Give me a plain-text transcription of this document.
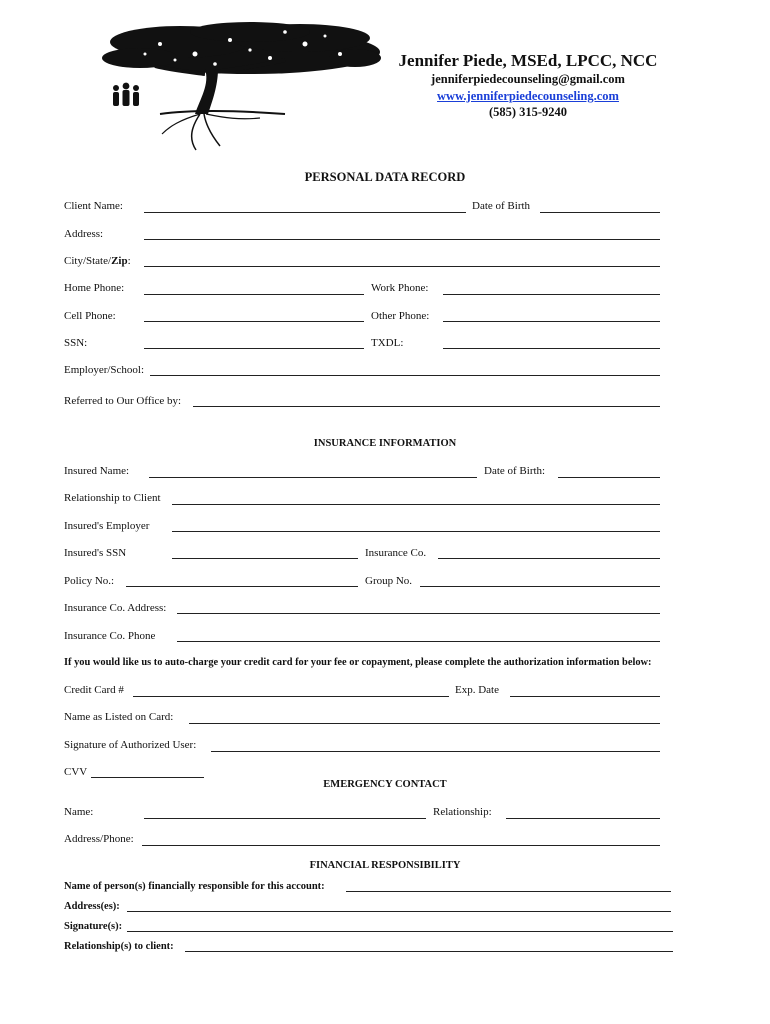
Jennifer Piede, MSEd, LPCC, NCC
jenniferpiedecounseling@gmail.com
www.jenniferpiedecounseling.com
(585) 315-9240
PERSONAL DATA RECORD
Client Name:	Date of Birth
Address:
City/State/Zip:
Home Phone:	Work Phone:
Cell Phone:	Other Phone:
SSN:	TXDL:
Employer/School:
Referred to Our Office by:
INSURANCE INFORMATION
Insured Name:	Date of Birth:
Relationship to Client
Insured's Employer
Insured's SSN	Insurance Co.
Policy No.:	Group No.
Insurance Co. Address:
Insurance Co. Phone
If you would like us to auto-charge your credit card for your fee or copayment, please complete the authorization information below:
Credit Card #	Exp. Date
Name as Listed on Card:
Signature of Authorized User:
CVV
EMERGENCY CONTACT
Name:	Relationship:
Address/Phone:
FINANCIAL RESPONSIBILITY
Name of person(s) financially responsible for this account:
Address(es):
Signature(s):
Relationship(s) to client:
